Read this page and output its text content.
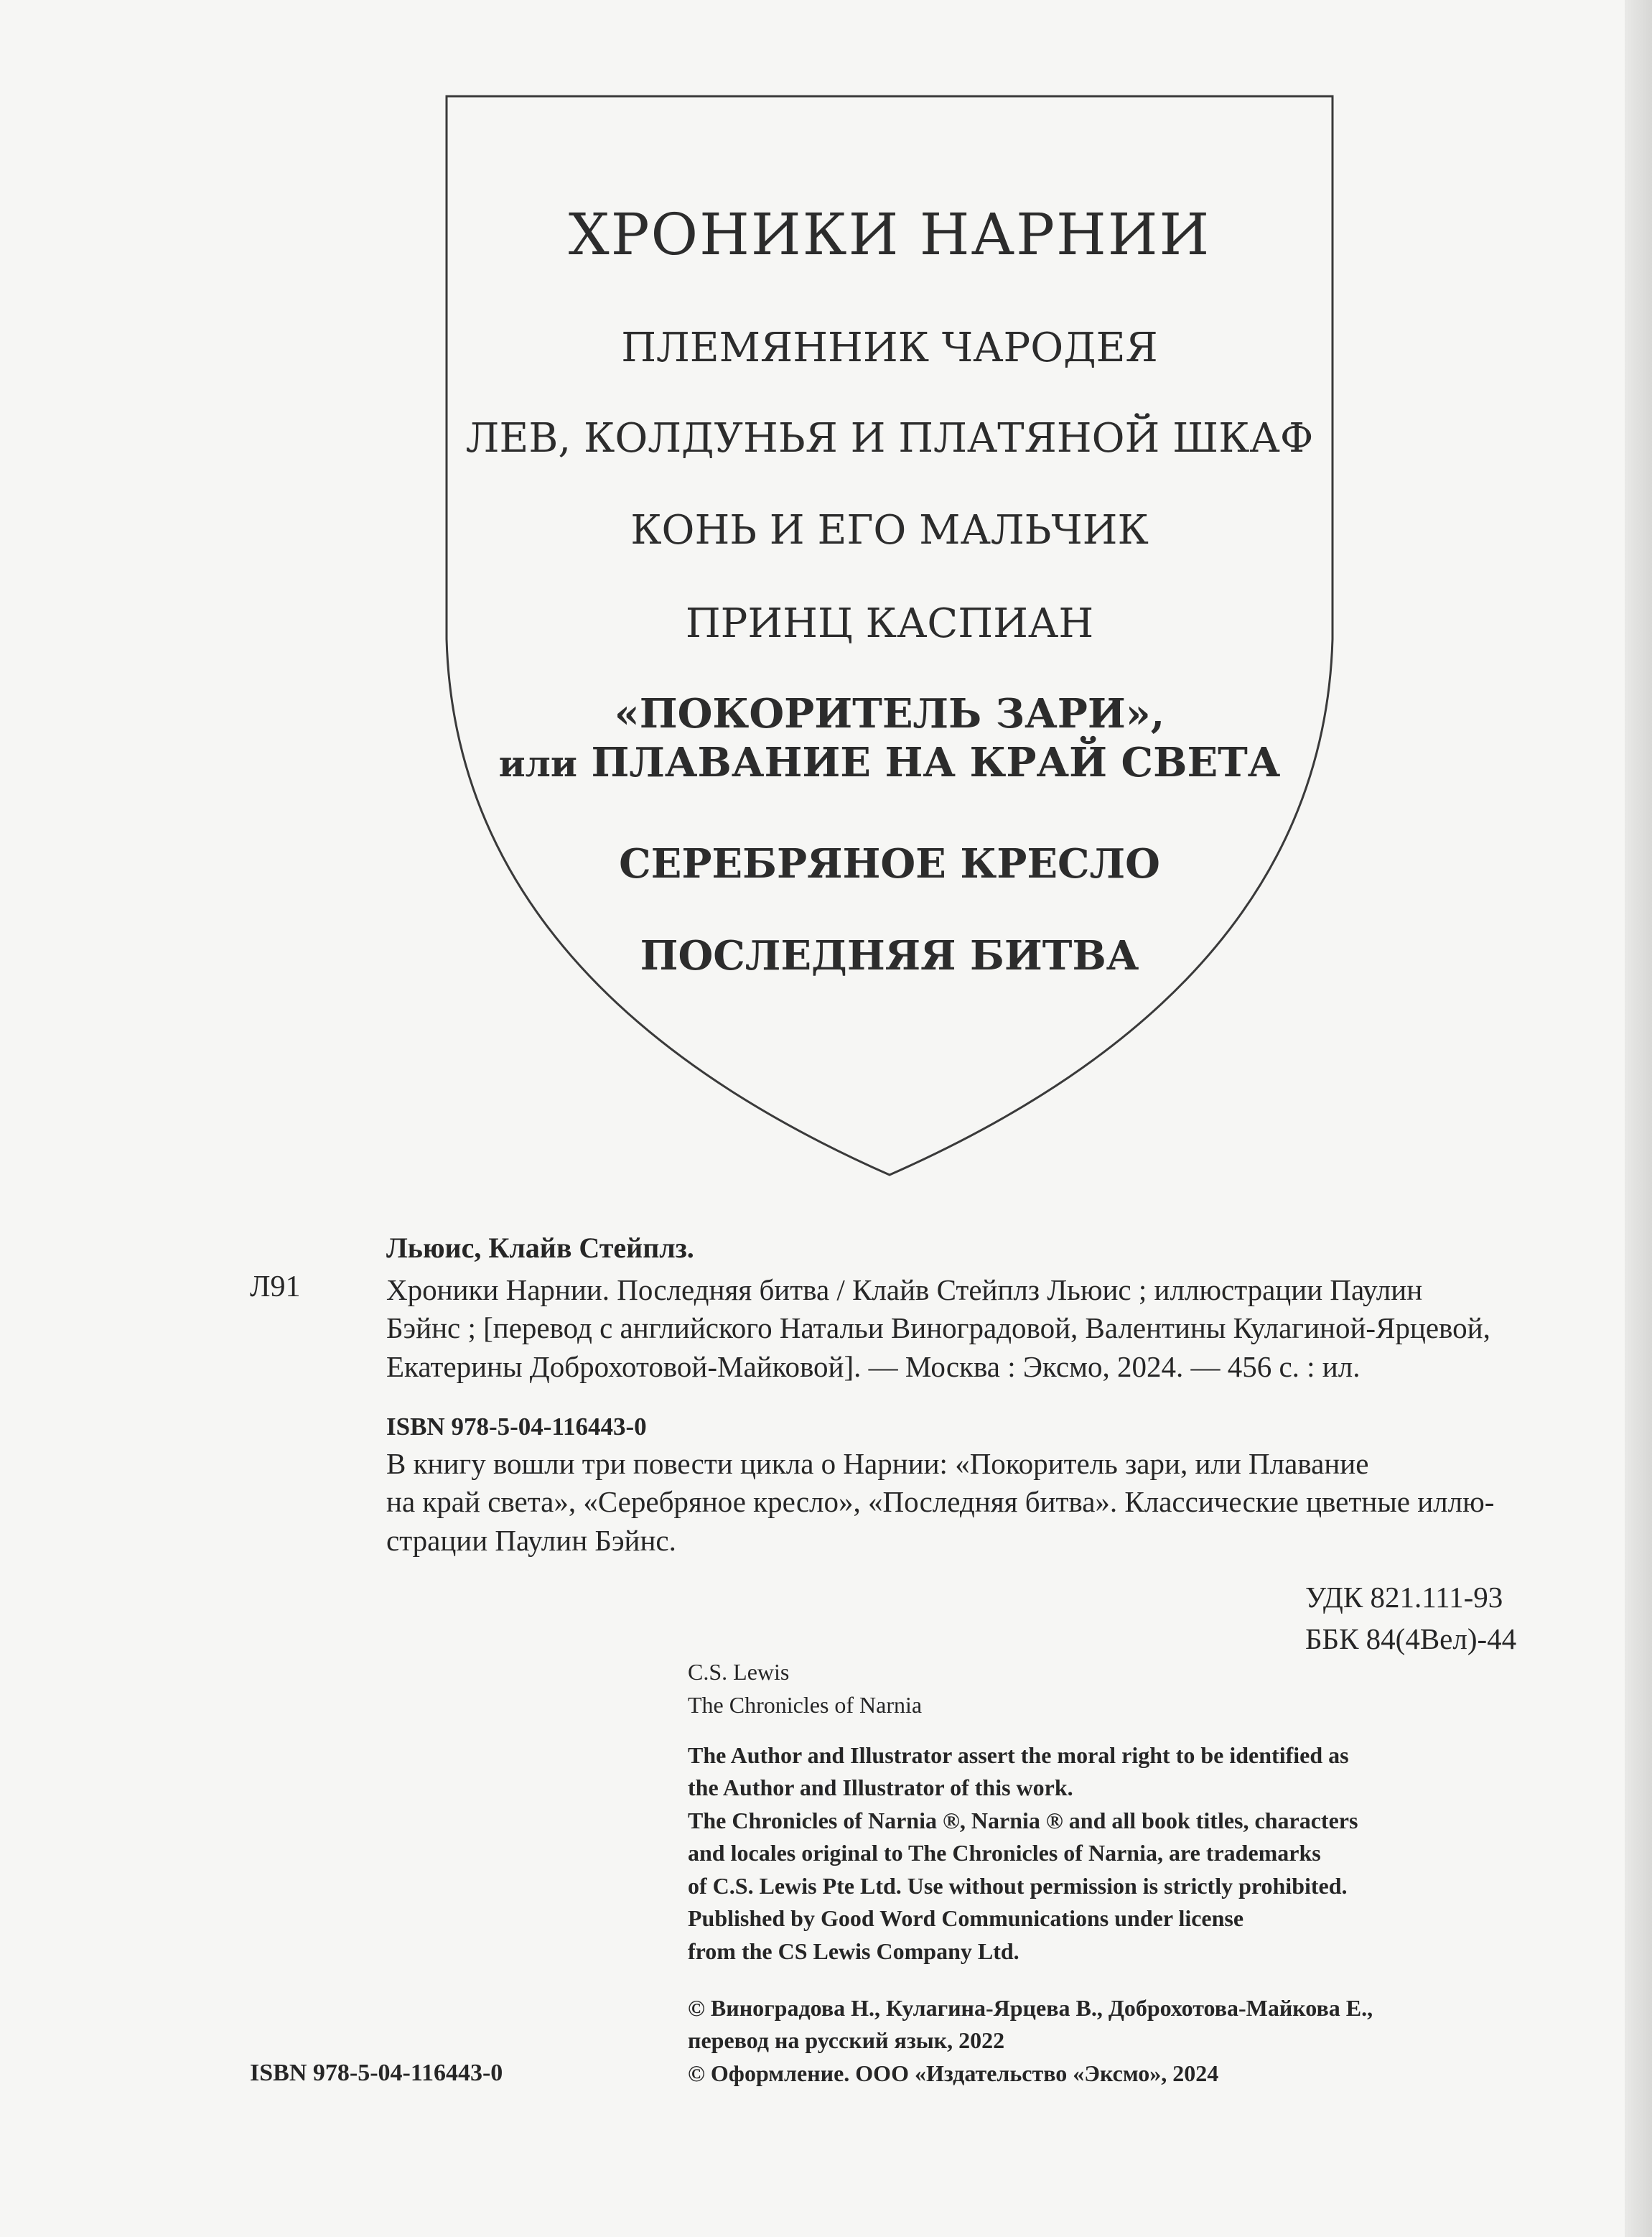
ХРОНИКИ НАРНИИ
ПЛЕМЯННИК ЧАРОДЕЯ
ЛЕВ, КОЛДУНЬЯ И ПЛАТЯНОЙ ШКАФ
КОНЬ И ЕГО МАЛЬЧИК
ПРИНЦ КАСПИАН
«ПОКОРИТЕЛЬ ЗАРИ»,
или ПЛАВАНИЕ НА КРАЙ СВЕТА
СЕРЕБРЯНОЕ КРЕСЛО
ПОСЛЕДНЯЯ БИТВА
Льюис, Клайв Стейплз.
Л91	Хроники Нарнии. Последняя битва / Клайв Стейплз Льюис ; иллюстрации Паулин
Бэйнс ; [перевод с английского Натальи Виноградовой, Валентины Кулагиной-Ярцевой,
Екатерины Доброхотовой-Майковой]. — Москва : Эксмо, 2024. — 456 с. : ил.
ISBN 978-5-04-116443-0
В книгу вошли три повести цикла о Нарнии: «Покоритель зари, или Плавание
на край света», «Серебряное кресло», «Последняя битва». Классические цветные иллю-
страции Паулин Бэйнс.
УДК 821.111-93
ББК 84(4Вел)-44
C.S. Lewis
The Chronicles of Narnia
The Author and Illustrator assert the moral right to be identified as
the Author and Illustrator of this work.
The Chronicles of Narnia ®, Narnia ® and all book titles, characters
and locales original to The Chronicles of Narnia, are trademarks
of C.S. Lewis Pte Ltd. Use without permission is strictly prohibited.
Published by Good Word Communications under license
from the CS Lewis Company Ltd.
© Виноградова Н., Кулагина-Ярцева В., Доброхотова-Майкова Е.,
перевод на русский язык, 2022
© Оформление. ООО «Издательство «Эксмо», 2024
ISBN 978-5-04-116443-0
